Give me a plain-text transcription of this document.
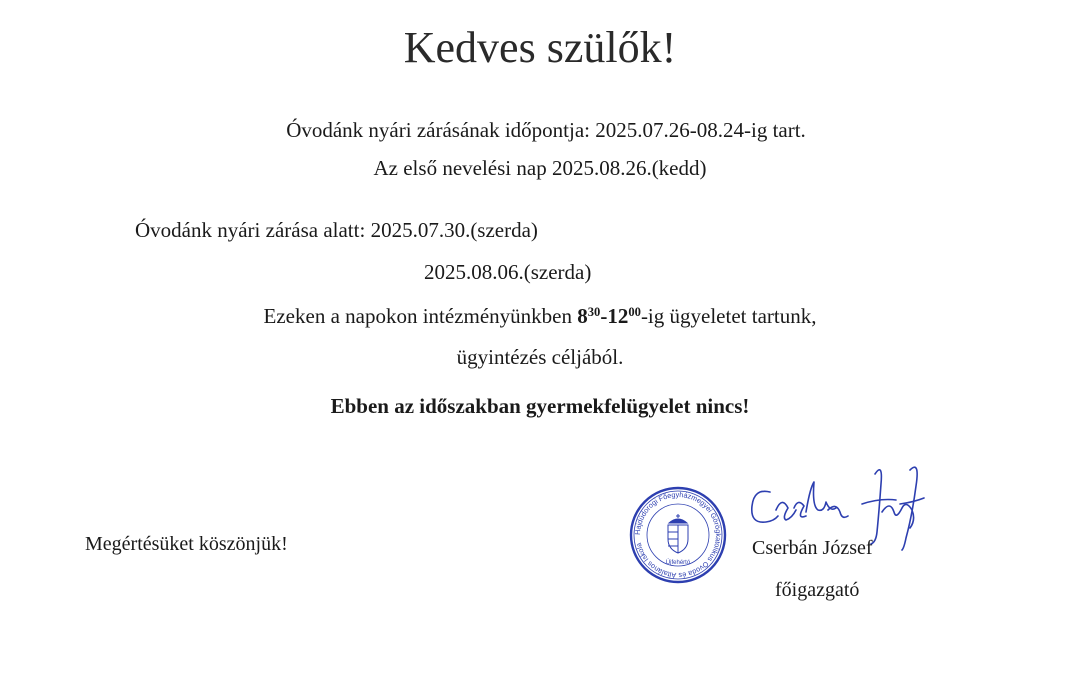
Kedves szülők!
Óvodánk nyári zárásának időpontja: 2025.07.26-08.24-ig tart.
Az első nevelési nap 2025.08.26.(kedd)
Óvodánk nyári zárása alatt: 2025.07.30.(szerda)
2025.08.06.(szerda)
Ezeken a napokon intézményünkben $8^{30}-12^{00}-ig$ ügyeletet tartunk,
ügyintézés céljából.
Ebben az időszakban gyermekfelügyelet nincs!
Megértésüket köszönjük!
Hajdúdorogi Főegyházmegyei Görögkatolikus Óvoda és Általános Iskola
Újfehértó
Cserbán József
főigazgató
